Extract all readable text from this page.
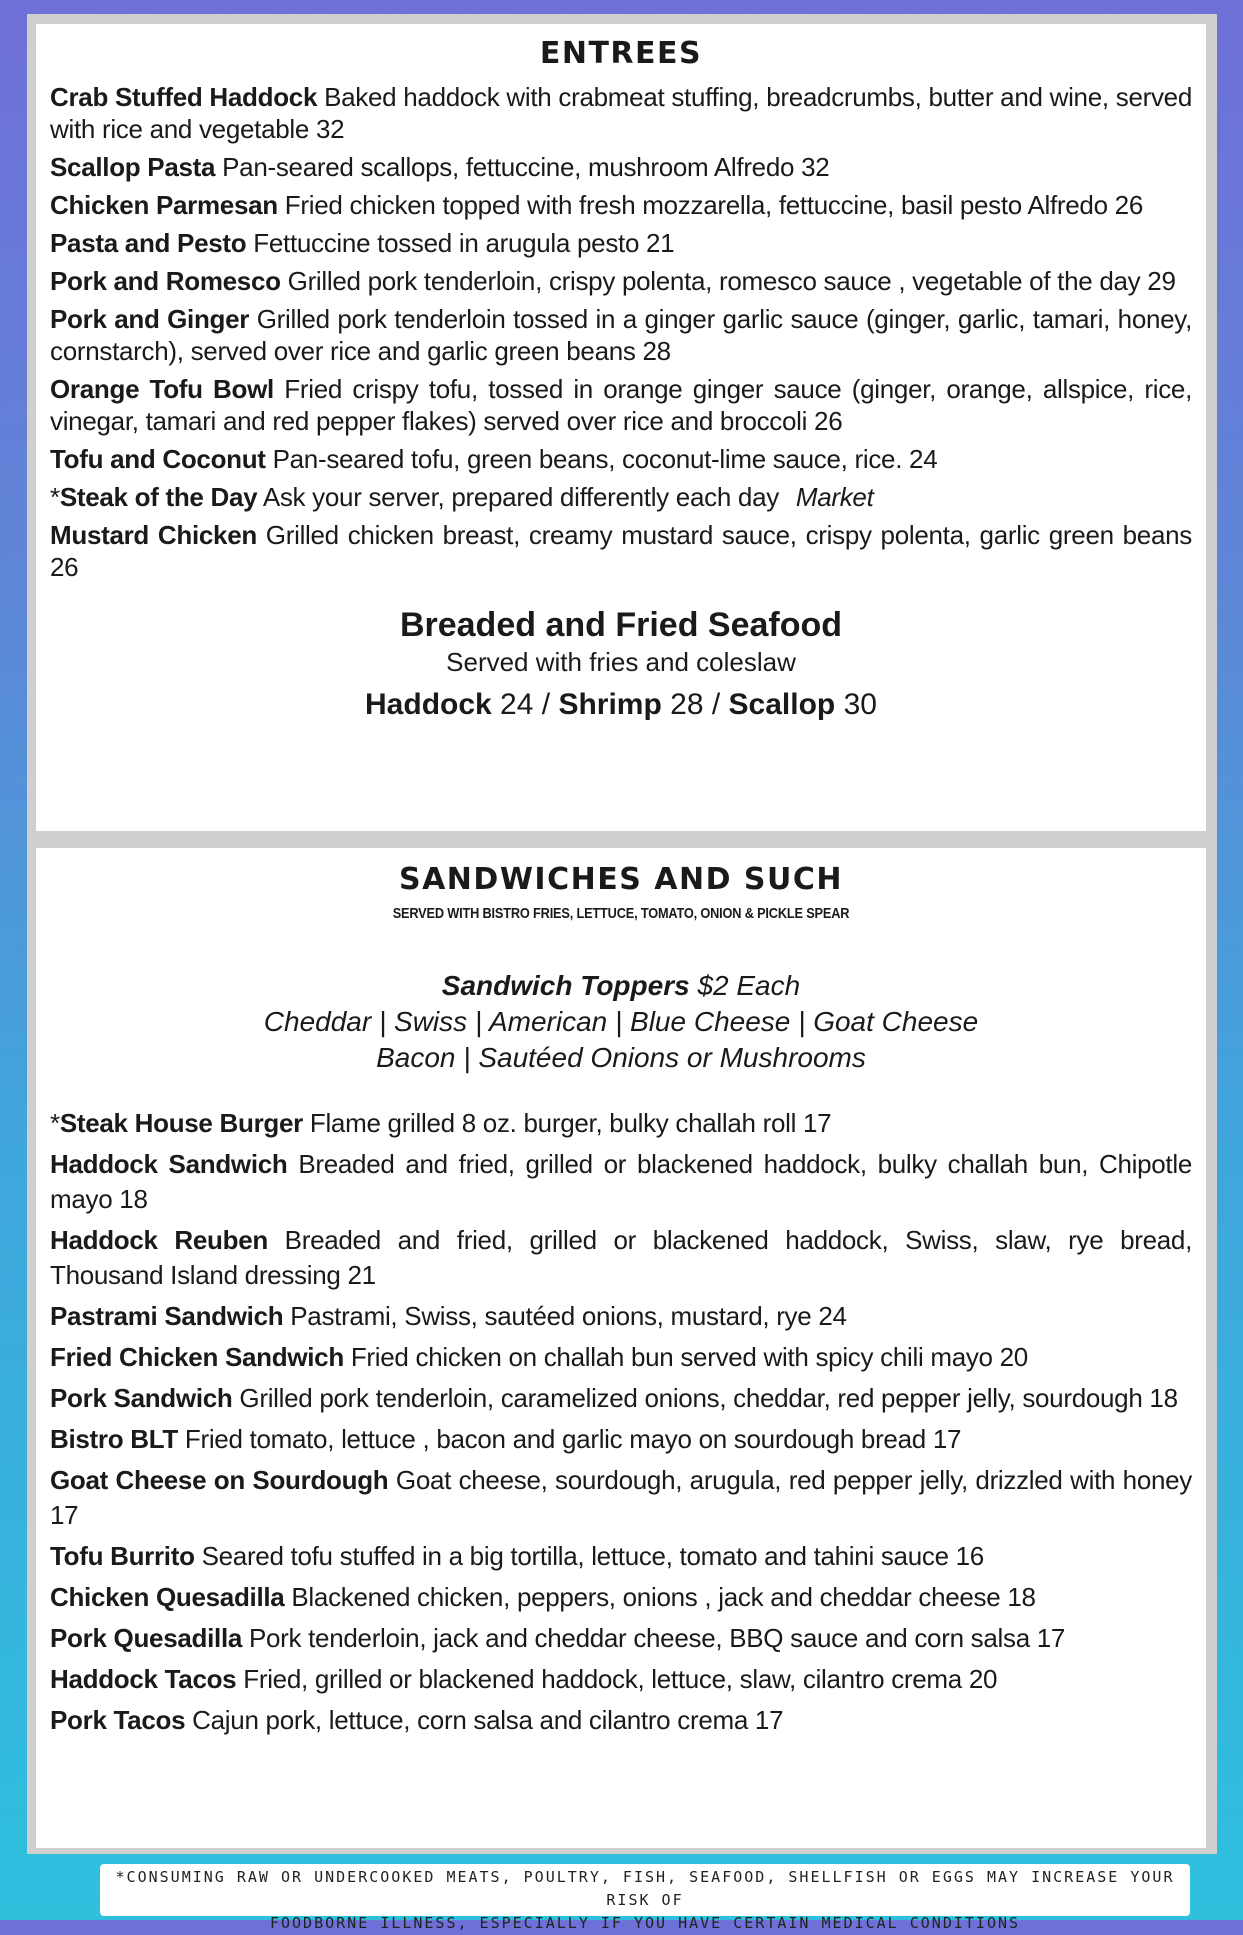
ENTREES

Crab Stuffed Haddock Baked haddock with crabmeat stuffing, breadcrumbs, butter and wine, served with rice and vegetable 32

Scallop Pasta Pan-seared scallops, fettuccine, mushroom Alfredo 32

Chicken Parmesan Fried chicken topped with fresh mozzarella, fettuccine, basil pesto Alfredo 26

Pasta and Pesto Fettuccine tossed in arugula pesto 21

Pork and Romesco Grilled pork tenderloin, crispy polenta, romesco sauce , vegetable of the day 29

Pork and Ginger Grilled pork tenderloin tossed in a ginger garlic sauce (ginger, garlic, tamari, honey, cornstarch), served over rice and garlic green beans 28

Orange Tofu Bowl Fried crispy tofu, tossed in orange ginger sauce (ginger, orange, allspice, rice, vinegar, tamari and red pepper flakes) served over rice and broccoli 26

Tofu and Coconut Pan-seared tofu, green beans, coconut-lime sauce, rice. 24

*Steak of the Day Ask your server, prepared differently each day Market

Mustard Chicken Grilled chicken breast, creamy mustard sauce, crispy polenta, garlic green beans 26

Breaded and Fried Seafood
Served with fries and coleslaw
Haddock 24 / Shrimp 28 / Scallop 30
SANDWICHES AND SUCH
SERVED WITH BISTRO FRIES, LETTUCE, TOMATO, ONION & PICKLE SPEAR
Sandwich Toppers $2 Each
Cheddar | Swiss | American | Blue Cheese | Goat Cheese
Bacon | Sautéed Onions or Mushrooms

*Steak House Burger Flame grilled 8 oz. burger, bulky challah roll 17

Haddock Sandwich Breaded and fried, grilled or blackened haddock, bulky challah bun, Chipotle mayo 18

Haddock Reuben Breaded and fried, grilled or blackened haddock, Swiss, slaw, rye bread, Thousand Island dressing 21

Pastrami Sandwich Pastrami, Swiss, sautéed onions, mustard, rye 24

Fried Chicken Sandwich Fried chicken on challah bun served with spicy chili mayo 20

Pork Sandwich Grilled pork tenderloin, caramelized onions, cheddar, red pepper jelly, sourdough 18

Bistro BLT Fried tomato, lettuce , bacon and garlic mayo on sourdough bread 17

Goat Cheese on Sourdough Goat cheese, sourdough, arugula, red pepper jelly, drizzled with honey 17

Tofu Burrito Seared tofu stuffed in a big tortilla, lettuce, tomato and tahini sauce 16

Chicken Quesadilla Blackened chicken, peppers, onions , jack and cheddar cheese 18

Pork Quesadilla Pork tenderloin, jack and cheddar cheese, BBQ sauce and corn salsa 17

Haddock Tacos Fried, grilled or blackened haddock, lettuce, slaw, cilantro crema 20

Pork Tacos Cajun pork, lettuce, corn salsa and cilantro crema 17

*CONSUMING RAW OR UNDERCOOKED MEATS, POULTRY, FISH, SEAFOOD, SHELLFISH OR EGGS MAY INCREASE YOUR RISK OF
FOODBORNE ILLNESS, ESPECIALLY IF YOU HAVE CERTAIN MEDICAL CONDITIONS
